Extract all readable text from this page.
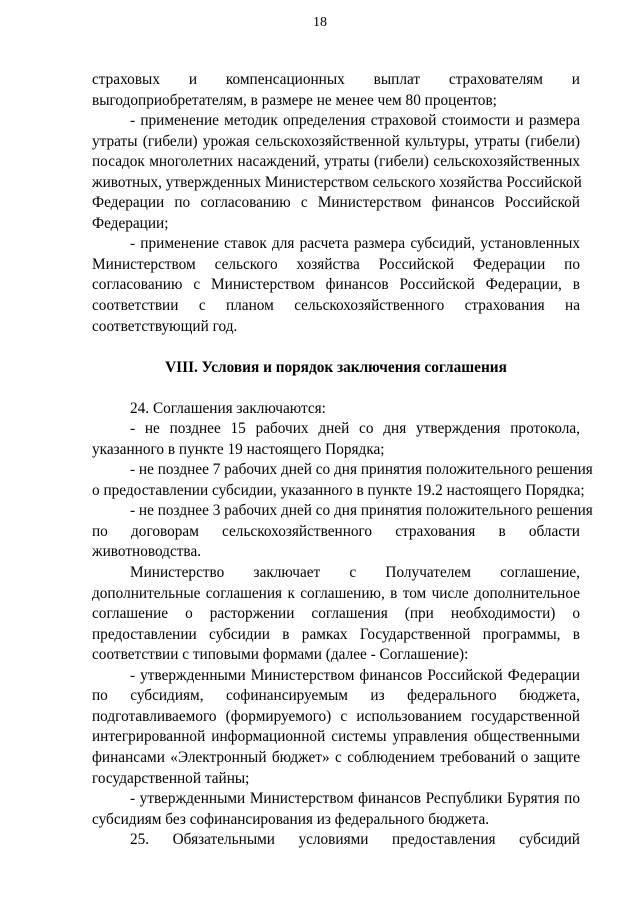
18
страховых и компенсационных выплат страхователям и
выгодоприобретателям, в размере не менее чем 80 процентов;
- применение методик определения страховой стоимости и размера
утраты (гибели) урожая сельскохозяйственной культуры, утраты (гибели)
посадок многолетних насаждений, утраты (гибели) сельскохозяйственных
животных, утвержденных Министерством сельского хозяйства Российской
Федерации по согласованию с Министерством финансов Российской
Федерации;
- применение ставок для расчета размера субсидий, установленных
Министерством сельского хозяйства Российской Федерации по
согласованию с Министерством финансов Российской Федерации, в
соответствии с планом сельскохозяйственного страхования на
соответствующий год.
VIII. Условия и порядок заключения соглашения
24. Соглашения заключаются:
- не позднее 15 рабочих дней со дня утверждения протокола,
указанного в пункте 19 настоящего Порядка;
- не позднее 7 рабочих дней со дня принятия положительного решения
о предоставлении субсидии, указанного в пункте 19.2 настоящего Порядка;
- не позднее 3 рабочих дней со дня принятия положительного решения
по договорам сельскохозяйственного страхования в области
животноводства.
Министерство заключает с Получателем соглашение,
дополнительные соглашения к соглашению, в том числе дополнительное
соглашение о расторжении соглашения (при необходимости) о
предоставлении субсидии в рамках Государственной программы, в
соответствии с типовыми формами (далее - Соглашение):
- утвержденными Министерством финансов Российской Федерации
по субсидиям, софинансируемым из федерального бюджета,
подготавливаемого (формируемого) с использованием государственной
интегрированной информационной системы управления общественными
финансами «Электронный бюджет» с соблюдением требований о защите
государственной тайны;
- утвержденными Министерством финансов Республики Бурятия по
субсидиям без софинансирования из федерального бюджета.
25. Обязательными условиями предоставления субсидий
